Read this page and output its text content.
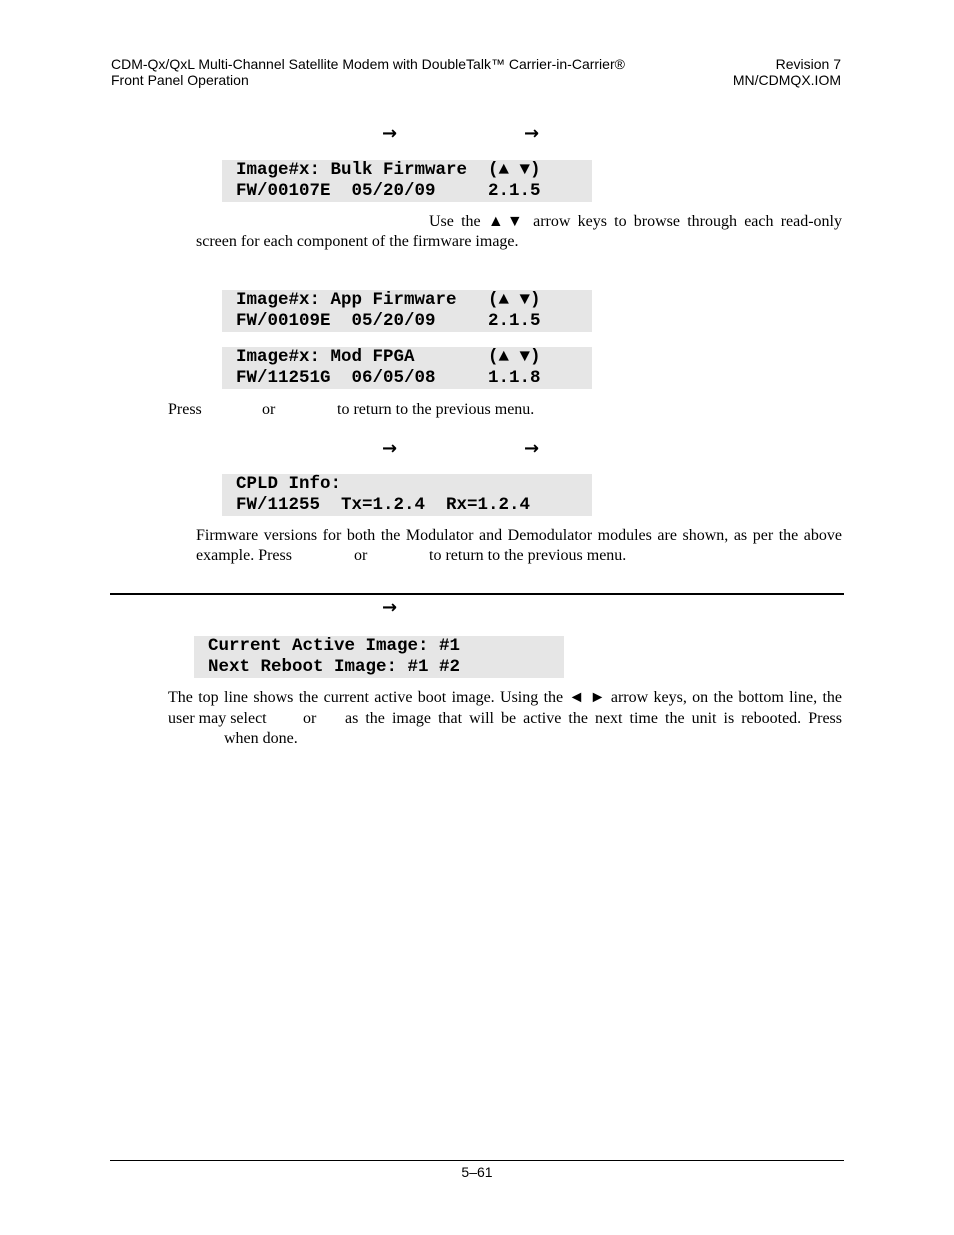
CDM-Qx/QxL Multi-Channel Satellite Modem with DoubleTalk™ Carrier-in-Carrier®
Front Panel Operation
Revision 7
MN/CDMQX.IOM
→	→
Image#x: Bulk Firmware  (▲ ▼)
FW/00107E  05/20/09     2.1.5
Use the ▲▼ arrow keys to browse through each read-only
screen for each component of the firmware image.
Image#x: App Firmware   (▲ ▼)
FW/00109E  05/20/09     2.1.5
Image#x: Mod FPGA       (▲ ▼)
FW/11251G  06/05/08     1.1.8
Press	or	to return to the previous menu.
→	→
CPLD Info:
FW/11255  Tx=1.2.4  Rx=1.2.4
Firmware versions for both the Modulator and Demodulator modules are shown, as per the above
example. Press	or	to return to the previous menu.
→
Current Active Image: #1
Next Reboot Image: #1 #2
The top line shows the current active boot image. Using the ◄ ► arrow keys, on the bottom line, the
user may select or as the image that will be active the next time the unit is rebooted. Press
when done.
5–61
